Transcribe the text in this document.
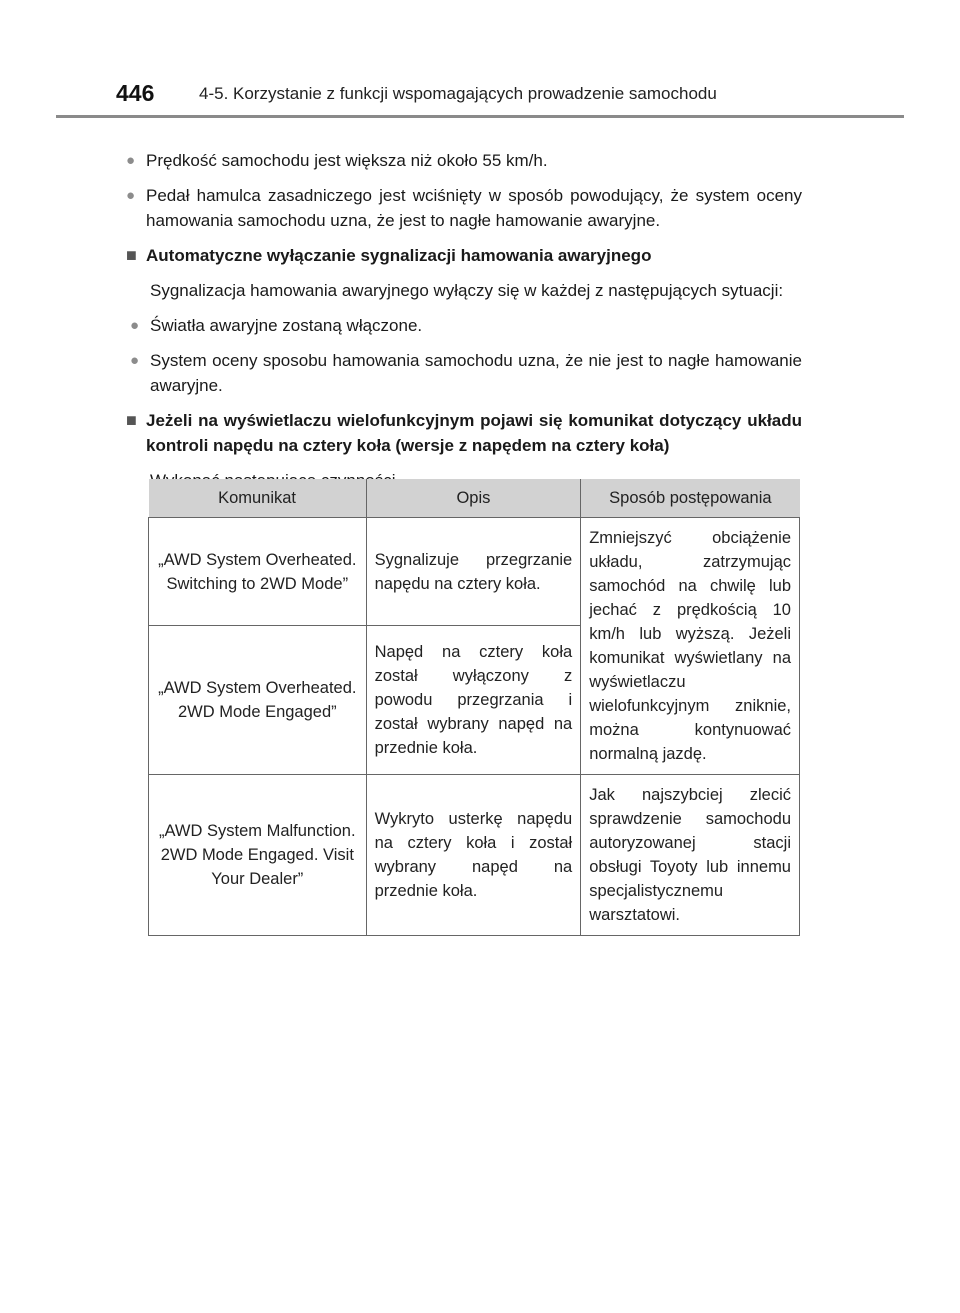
446	4-5. Korzystanie z funkcji wspomagających prowadzenie samochodu
● Prędkość samochodu jest większa niż około 55 km/h.
● Pedał hamulca zasadniczego jest wciśnięty w sposób powodujący, że system oceny hamowania samochodu uzna, że jest to nagłe hamowanie awaryjne.
■ Automatyczne wyłączanie sygnalizacji hamowania awaryjnego
Sygnalizacja hamowania awaryjnego wyłączy się w każdej z następujących sytuacji:
● Światła awaryjne zostaną włączone.
● System oceny sposobu hamowania samochodu uzna, że nie jest to nagłe hamowanie awaryjne.
■ Jeżeli na wyświetlaczu wielofunkcyjnym pojawi się komunikat dotyczący układu kontroli napędu na cztery koła (wersje z napędem na cztery koła)
Komunikat	Opis	Sposób postępowania
„AWD System Overheated. Switching to 2WD Mode”	Sygnalizuje przegrzanie napędu na cztery koła.	Zmniejszyć obciążenie układu, zatrzymując samochód na chwilę lub jechać z prędkością 10 km/h lub wyższą. Jeżeli komunikat wyświetlany na wyświetlaczu wielofunkcyjnym zniknie, można kontynuować normalną jazdę.
„AWD System Overheated. 2WD Mode Engaged”	Napęd na cztery koła został wyłączony z powodu przegrzania i został wybrany napęd na przednie koła.	
„AWD System Malfunction. 2WD Mode Engaged. Visit Your Dealer”	Wykryto usterkę napędu na cztery koła i został wybrany napęd na przednie koła.	Jak najszybciej zlecić sprawdzenie samochodu autoryzowanej stacji obsługi Toyoty lub innemu specjalistycznemu warsztatowi.
